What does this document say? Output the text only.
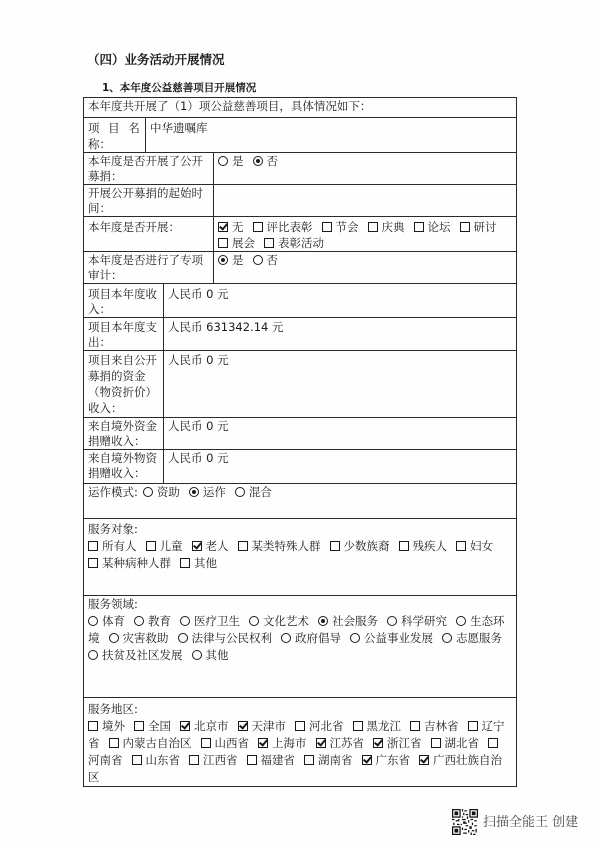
（四）业务活动开展情况
1、本年度公益慈善项目开展情况
本年度共开展了（1）项公益慈善项目，具体情况如下：			
项 目 名 称：	中华遗嘱库		
本年度是否开展了公开募捐：			是 否
开展公开募捐的起始时间：			
本年度是否开展：			无 评比表彰 节会 庆典 论坛 研讨展会 表彰活动
本年度是否进行了专项审计：			是 否
项目本年度收入：		人民币 0 元	
项目本年度支出：		人民币 631342.14 元	
项目来自公开募捐的资金（物资折价）收入：		人民币 0 元	
来自境外资金捐赠收入：		人民币 0 元	
来自境外物资捐赠收入：		人民币 0 元	
运作模式: 资助 运作 混合			

服务对象:
所有人 儿童 老人 某类特殊人群 少数族裔 残疾人 妇女某种病种人群 其他			

服务领域:
体育 教育 医疗卫生 文化艺术 社会服务 科学研究 生态环境 灾害救助 法律与公民权利 政府倡导 公益事业发展 志愿服务扶贫及社区发展 其他			

服务地区:
境外 全国 北京市 天津市 河北省 黑龙江 吉林省 辽宁省 内蒙古自治区 山西省 上海市 江苏省 浙江省 湖北省河南省 山东省 江西省 福建省 湖南省 广东省 广西壮族自治区			
扫描全能王 创建
